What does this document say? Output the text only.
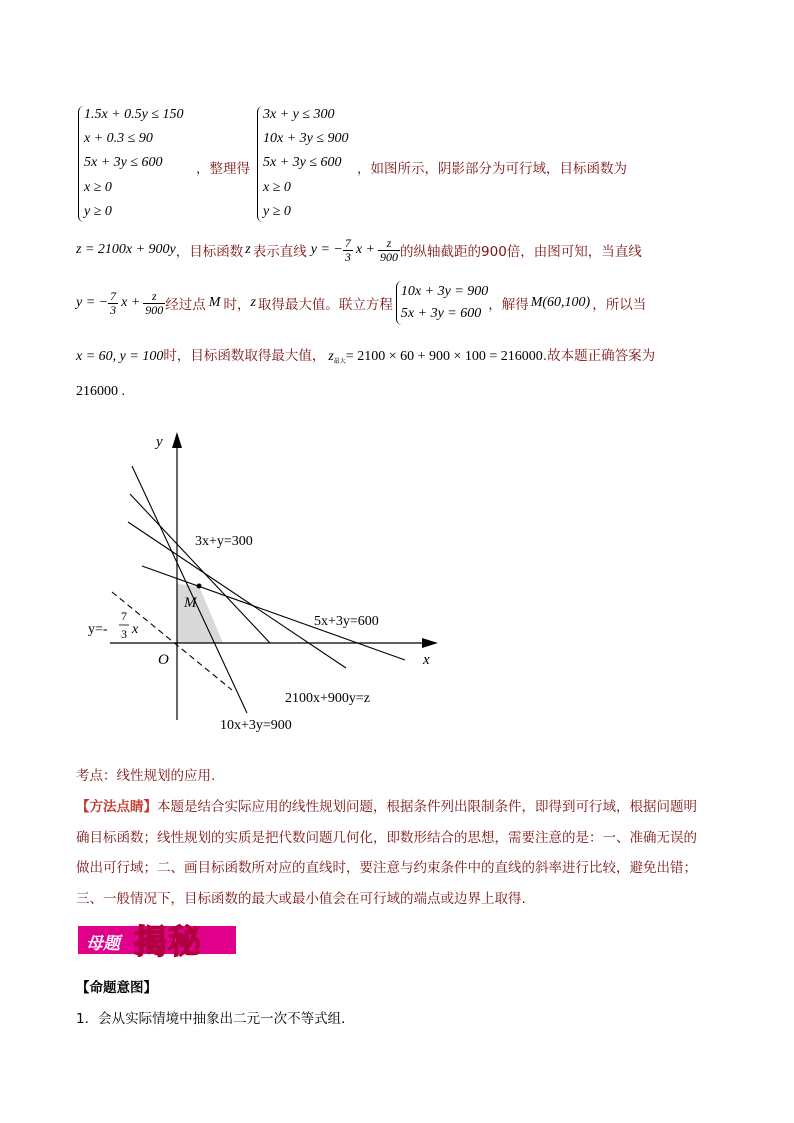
1.5x + 0.5y ≤ 150
x + 0.3 ≤ 90
5x + 3y ≤ 600
x ≥ 0
y ≥ 0
，整理得
3x + y ≤ 300
10x + 3y ≤ 900
5x + 3y ≤ 600
x ≥ 0
y ≥ 0
，如图所示，阴影部分为可行域，目标函数为
z = 2100x + 900y ，目标函数 z 表示直线 y = − $\frac{7}{3}$ $x + \frac{z}{900}$ 的纵轴截距的900倍，由图可知，当直线
y = − $\frac{7}{3}$ $x + \frac{z}{900}$ 经过点 M 时， z 取得最大值。联立方程
10x + 3y = 900
5x + 3y = 600
，解得 M(60,100) ，所以当
x = 60, y = 100 时，目标函数取得最大值， z 最大 = 2100 × 60 + 900 × 100 = 216000 .故本题正确答案为
216000 .
y
x
O
M
3x+y=300
5x+3y=600
2100x+900y=z
10x+3y=900
y=-
7
3 x
考点：线性规划的应用.
【方法点睛】本题是结合实际应用的线性规划问题，根据条件列出限制条件，即得到可行域，根据问题明
确目标函数；线性规划的实质是把代数问题几何化，即数形结合的思想，需要注意的是：一、准确无误的
做出可行域；二、画目标函数所对应的直线时，要注意与约束条件中的直线的斜率进行比较，避免出错；
三、一般情况下，目标函数的最大或最小值会在可行域的端点或边界上取得.
母题 揭秘
【命题意图】
1．会从实际情境中抽象出二元一次不等式组．
